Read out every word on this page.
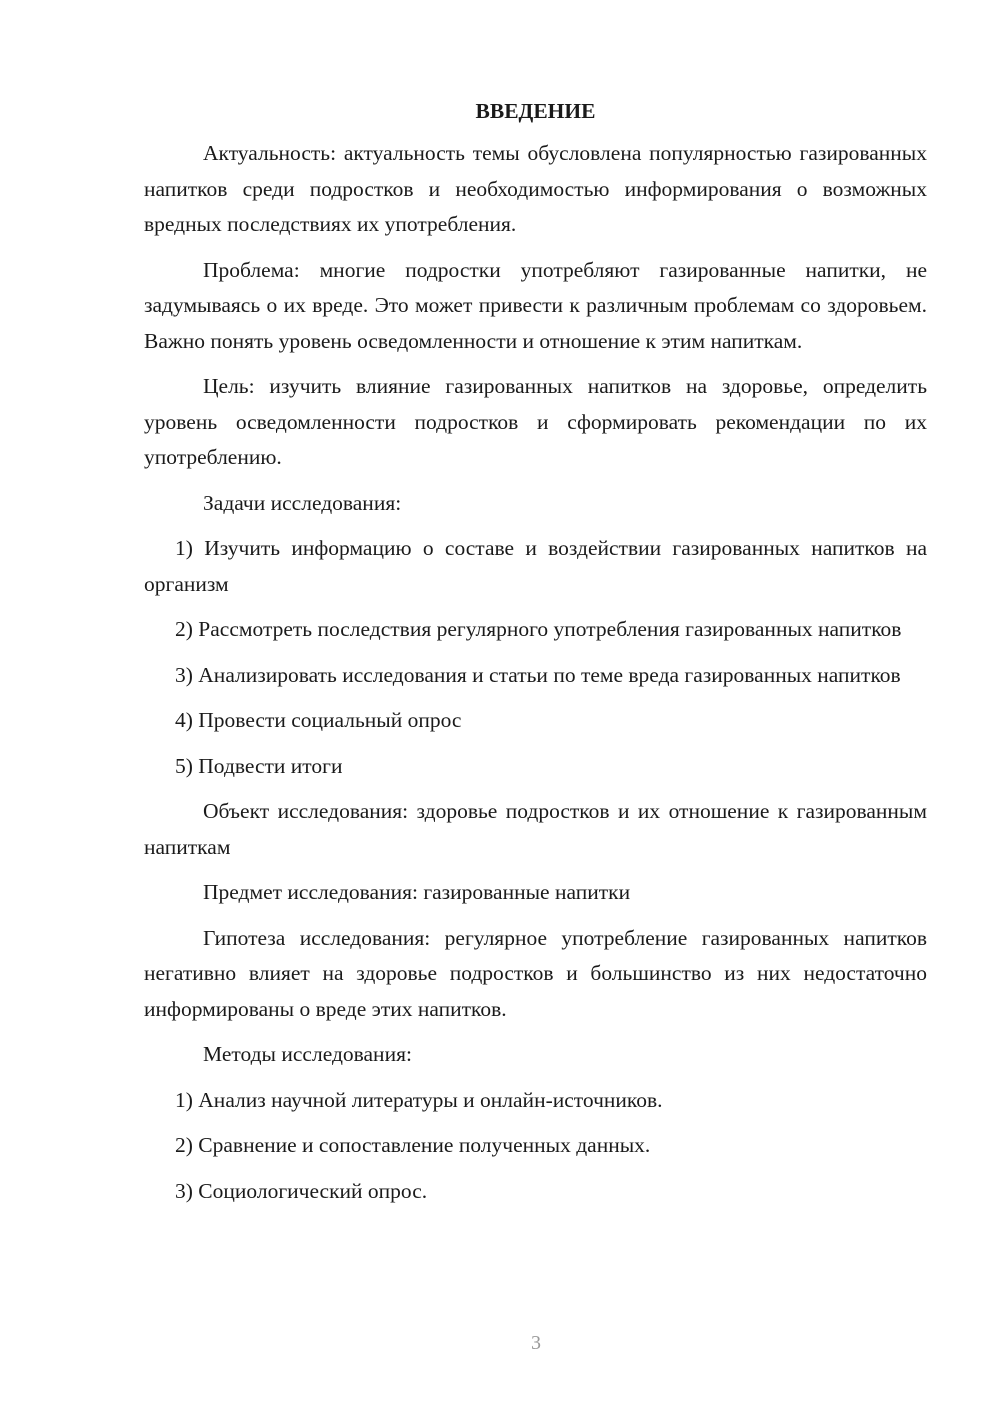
ВВЕДЕНИЕ

Актуальность: актуальность темы обусловлена популярностью газированных напитков среди подростков и необходимостью информирования о возможных вредных последствиях их употребления.

Проблема: многие подростки употребляют газированные напитки, не задумываясь о их вреде. Это может привести к различным проблемам со здоровьем. Важно понять уровень осведомленности и отношение к этим напиткам.

Цель: изучить влияние газированных напитков на здоровье, определить уровень осведомленности подростков и сформировать рекомендации по их употреблению.

Задачи исследования:

1) Изучить информацию о составе и воздействии газированных напитков на организм

2) Рассмотреть последствия регулярного употребления газированных напитков

3) Анализировать исследования и статьи по теме вреда газированных напитков

4) Провести социальный опрос

5) Подвести итоги

Объект исследования: здоровье подростков и их отношение к газированным напиткам

Предмет исследования: газированные напитки

Гипотеза исследования: регулярное употребление газированных напитков негативно влияет на здоровье подростков и большинство из них недостаточно информированы о вреде этих напитков.

Методы исследования:

1) Анализ научной литературы и онлайн-источников.

2) Сравнение и сопоставление полученных данных.

3) Социологический опрос.

3
